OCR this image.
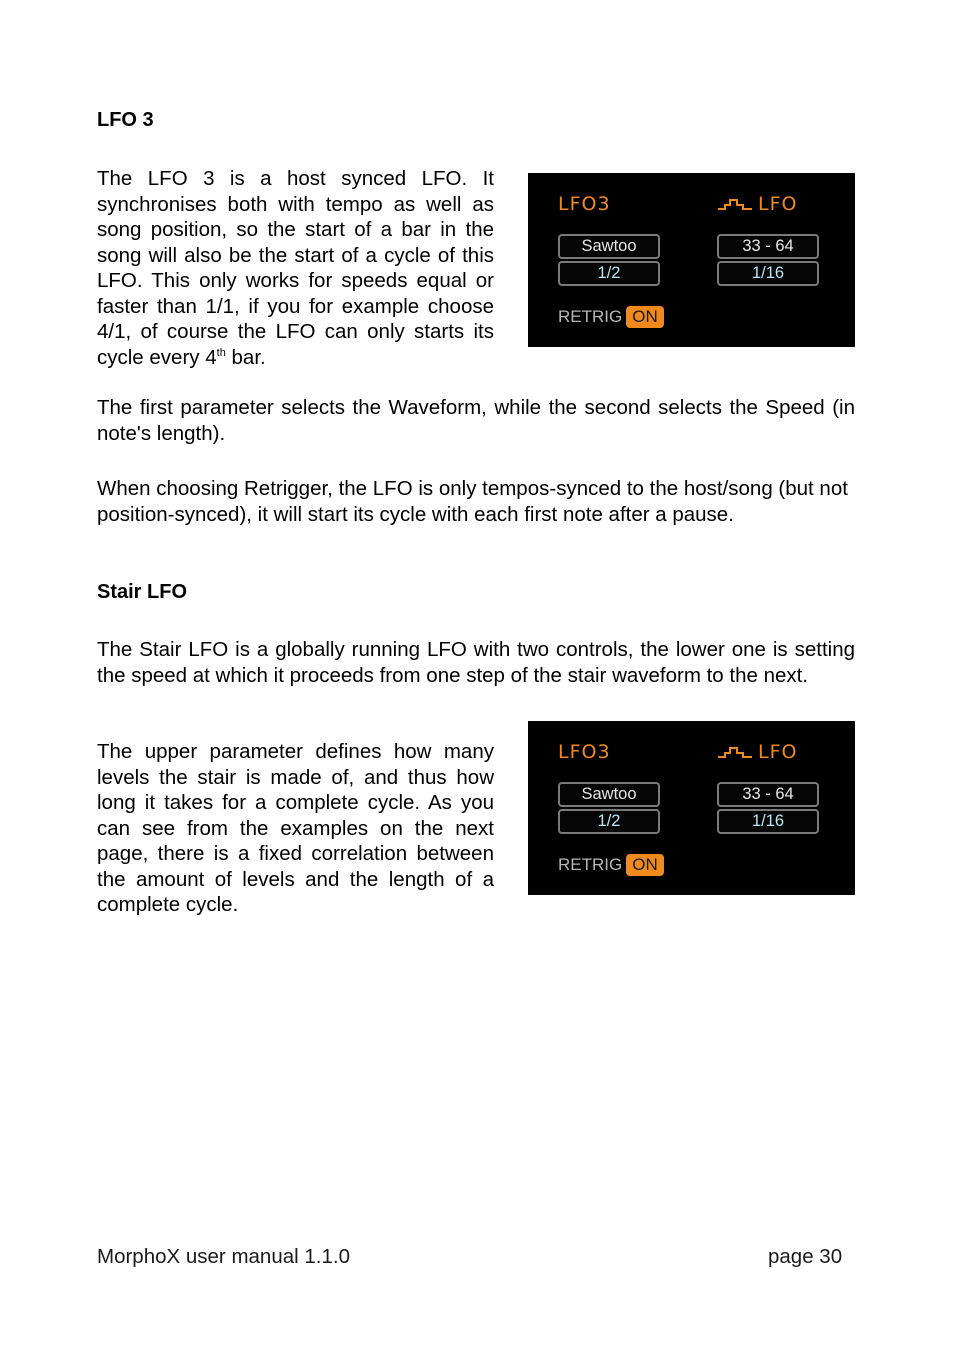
LFO 3

The LFO 3 is a host synced LFO. It synchronises both with tempo as well as song position, so the start of a bar in the song will also be the start of a cycle of this LFO. This only works for speeds equal or faster than 1/1, if you for example choose 4/1, of course the LFO can only starts its cycle every 4th bar.

LFO3	LFO
Sawtoo
1/2
33 - 64
1/16
RETRIG ON

The first parameter selects the Waveform, while the second selects the Speed (in note's length).

When choosing Retrigger, the LFO is only tempos-synced to the host/song (but not position-synced), it will start its cycle with each first note after a pause.

Stair LFO

The Stair LFO is a globally running LFO with two controls, the lower one is setting the speed at which it proceeds from one step of the stair waveform to the next.

The upper parameter defines how many levels the stair is made of, and thus how long it takes for a complete cycle. As you can see from the examples on the next page, there is a fixed correlation between the amount of levels and the length of a complete cycle.

LFO3	LFO
Sawtoo
1/2
33 - 64
1/16
RETRIG ON
MorphoX user manual 1.1.0	page 30
